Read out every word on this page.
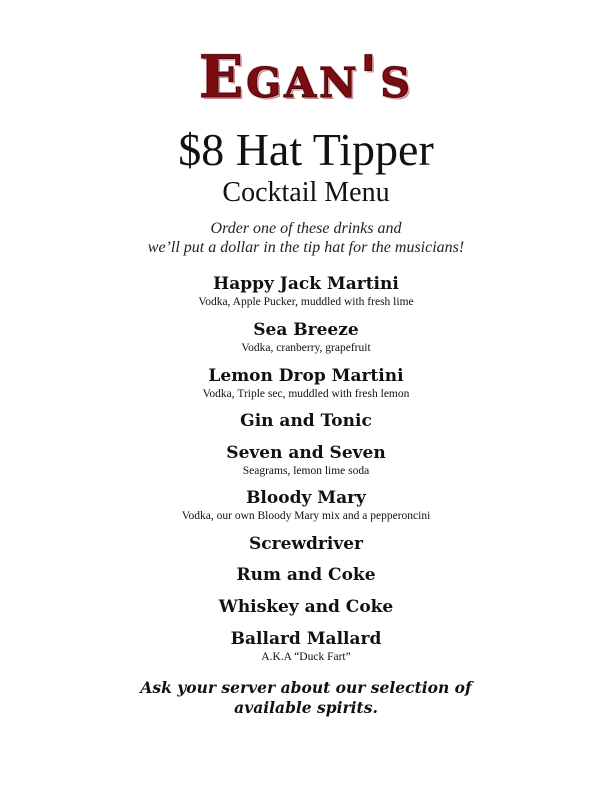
Egan's
$8 Hat Tipper
Cocktail Menu
Order one of these drinks and
we’ll put a dollar in the tip hat for the musicians!
Happy Jack Martini
Vodka, Apple Pucker, muddled with fresh lime
Sea Breeze
Vodka, cranberry, grapefruit
Lemon Drop Martini
Vodka, Triple sec, muddled with fresh lemon
Gin and Tonic
Seven and Seven
Seagrams, lemon lime soda
Bloody Mary
Vodka, our own Bloody Mary mix and a pepperoncini
Screwdriver
Rum and Coke
Whiskey and Coke
Ballard Mallard
A.K.A “Duck Fart”
Ask your server about our selection of
available spirits.
